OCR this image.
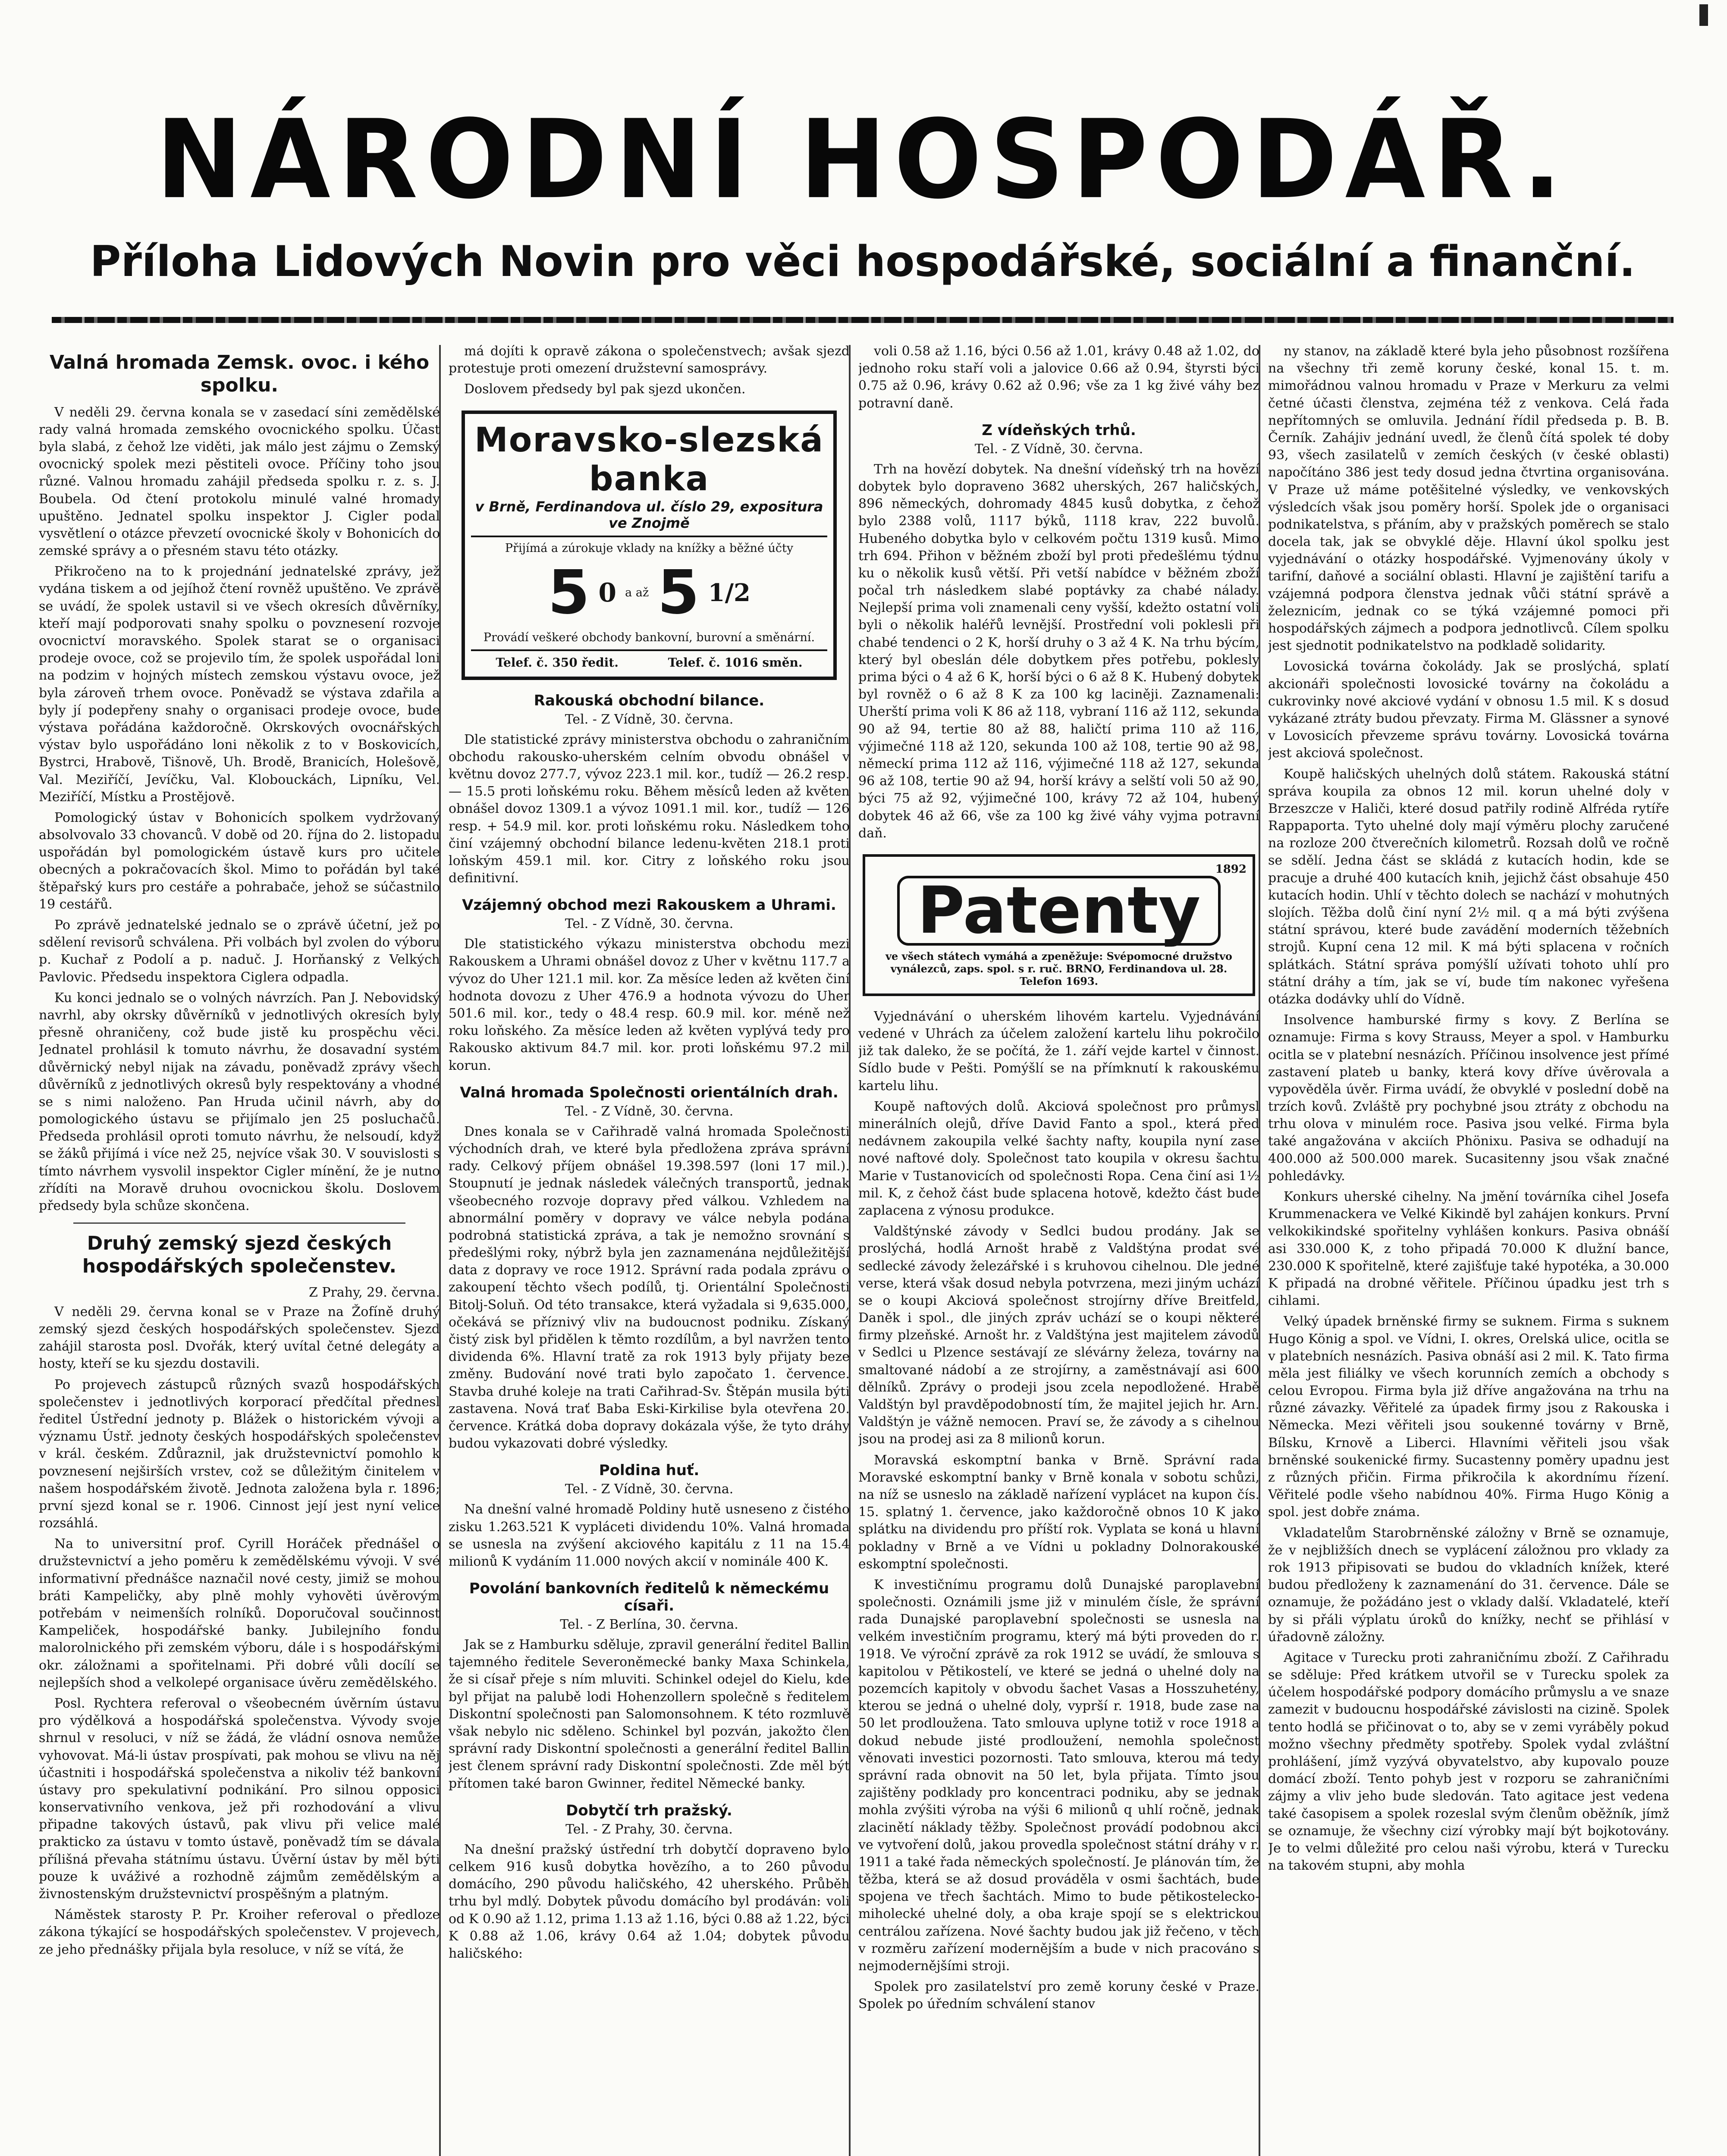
NÁRODNÍ HOSPODÁŘ.
Příloha Lidových Novin pro věci hospodářské, sociální a finanční.
Valná hromada Zemsk. ovoc. i kého spolku.

V neděli 29. června konala se v zasedací síni zemědělské rady valná hromada zemského ovocnického spolku. Účast byla slabá, z čehož lze viděti, jak málo jest zájmu o Zemský ovocnický spolek mezi pěstiteli ovoce. Příčiny toho jsou různé. Valnou hromadu zahájil předseda spolku r. z. s. J. Boubela. Od čtení protokolu minulé valné hromady upuštěno. Jednatel spolku inspektor J. Cigler podal vysvětlení o otázce převzetí ovocnické školy v Bohonicích do zemské správy a o přesném stavu této otázky.

Přikročeno na to k projednání jednatelské zprávy, jež vydána tiskem a od jejíhož čtení rovněž upuštěno. Ve zprávě se uvádí, že spolek ustavil si ve všech okresích důvěrníky, kteří mají podporovati snahy spolku o povznesení rozvoje ovocnictví moravského. Spolek starat se o organisaci prodeje ovoce, což se projevilo tím, že spolek uspořádal loni na podzim v hojných místech zemskou výstavu ovoce, jež byla zároveň trhem ovoce. Poněvadž se výstava zdařila a byly jí podepřeny snahy o organisaci prodeje ovoce, bude výstava pořádána každoročně. Okrskových ovocnářských výstav bylo uspořádáno loni několik z to v Boskovicích, Bystrci, Hrabově, Tišnově, Uh. Brodě, Branicích, Holešově, Val. Meziříčí, Jevíčku, Val. Klobouckách, Lipníku, Vel. Meziříčí, Místku a Prostějově.

Pomologický ústav v Bohonicích spolkem vydržovaný absolvovalo 33 chovanců. V době od 20. října do 2. listopadu uspořádán byl pomologickém ústavě kurs pro učitele obecných a pokračovacích škol. Mimo to pořádán byl také štěpařský kurs pro cestáře a pohrabače, jehož se súčastnilo 19 cestářů.

Po zprávě jednatelské jednalo se o zprávě účetní, jež po sdělení revisorů schválena. Při volbách byl zvolen do výboru p. Kuchař z Podolí a p. naduč. J. Horňanský z Velkých Pavlovic. Předsedu inspektora Ciglera odpadla.

Ku konci jednalo se o volných návrzích. Pan J. Nebovidský navrhl, aby okrsky důvěrníků v jednotlivých okresích byly přesně ohraničeny, což bude jistě ku prospěchu věci. Jednatel prohlásil k tomuto návrhu, že dosavadní systém důvěrnický nebyl nijak na závadu, poněvadž zprávy všech důvěrníků z jednotlivých okresů byly respektovány a vhodné se s nimi naloženo. Pan Hruda učinil návrh, aby do pomologického ústavu se přijímalo jen 25 posluchačů. Předseda prohlásil oproti tomuto návrhu, že nelsoudí, když se žáků přijímá i více než 25, nejvíce však 30. V souvislosti s tímto návrhem vysvolil inspektor Cigler mínění, že je nutno zřídíti na Moravě druhou ovocnickou školu. Doslovem předsedy byla schůze skončena.

Druhý zemský sjezd českých hospodářských společenstev.
Z Prahy, 29. června.

V neděli 29. června konal se v Praze na Žofíně druhý zemský sjezd českých hospodářských společenstev. Sjezd zahájil starosta posl. Dvořák, který uvítal četné delegáty a hosty, kteří se ku sjezdu dostavili.

Po projevech zástupců různých svazů hospodářských společenstev i jednotlivých korporací předčítal přednesl ředitel Ústřední jednoty p. Blážek o historickém vývoji a významu Ústř. jednoty českých hospodářských společenstev v král. českém. Zdůraznil, jak družstevnictví pomohlo k povznesení nejširších vrstev, což se důležitým činitelem v našem hospodářském životě. Jednota založena byla r. 1896; první sjezd konal se r. 1906. Cinnost její jest nyní velice rozsáhlá.

Na to universitní prof. Cyrill Horáček přednášel o družstevnictví a jeho poměru k zemědělskému vývoji. V své informativní přednášce naznačil nové cesty, jimiž se mohou bráti Kampeličky, aby plně mohly vyhověti úvěrovým potřebám v neimenších rolníků. Doporučoval součinnost Kampeliček, hospodářské banky. Jubilejního fondu malorolnického při zemském výboru, dále i s hospodářskými okr. záložnami a spořitelnami. Při dobré vůli docílí se nejlepších shod a velkolepé organisace úvěru zemědělského.

Posl. Rychtera referoval o všeobecném úvěrním ústavu pro výdělková a hospodářská společenstva. Vývody svoje shrnul v resoluci, v níž se žádá, že vládní osnova nemůže vyhovovat. Má-li ústav prospívati, pak mohou se vlivu na něj účastniti i hospodářská společenstva a nikoliv též bankovní ústavy pro spekulativní podnikání. Pro silnou opposici konservativního venkova, jež při rozhodování a vlivu připadne takových ústavů, pak vlivu při velice malé prakticko za ústavu v tomto ústavě, poněvadž tím se dávala přílišná převaha státnímu ústavu. Úvěrní ústav by měl býti pouze k uváživé a rozhodně zájmům zemědělským a živnostenským družstevnictví prospěšným a platným.

Náměstek starosty P. Pr. Kroiher referoval o předloze zákona týkající se hospodářských společenstev. V projevech, ze jeho přednášky přijala byla resoluce, v níž se vítá, že

má dojíti k opravě zákona o společenstvech; avšak sjezd protestuje proti omezení družstevní samosprávy.

Doslovem předsedy byl pak sjezd ukončen.

Moravsko-slezská banka
v Brně, Ferdinandova ul. číslo 29, expositura ve Znojmě
Přijímá a zúrokuje vklady na knížky a běžné účty
5 0 a až 5 1/2
Provádí veškeré obchody bankovní, burovní a směnární.
Telef. č. 350 ředit.	Telef. č. 1016 směn.
Rakouská obchodní bilance.
Tel. - Z Vídně, 30. června.

Dle statistické zprávy ministerstva obchodu o zahraničním obchodu rakousko-uherském celním obvodu obnášel v květnu dovoz 277.7, vývoz 223.1 mil. kor., tudíž — 26.2 resp. — 15.5 proti loňskému roku. Během měsíců leden až květen obnášel dovoz 1309.1 a vývoz 1091.1 mil. kor., tudíž — 126 resp. + 54.9 mil. kor. proti loňskému roku. Následkem toho činí vzájemný obchodní bilance ledenu-květen 218.1 proti loňským 459.1 mil. kor. Citry z loňského roku jsou definitivní.

Vzájemný obchod mezi Rakouskem a Uhrami.
Tel. - Z Vídně, 30. června.

Dle statistického výkazu ministerstva obchodu mezi Rakouskem a Uhrami obnášel dovoz z Uher v květnu 117.7 a vývoz do Uher 121.1 mil. kor. Za měsíce leden až květen činí hodnota dovozu z Uher 476.9 a hodnota vývozu do Uher 501.6 mil. kor., tedy o 48.4 resp. 60.9 mil. kor. méně než roku loňského. Za měsíce leden až květen vyplývá tedy pro Rakousko aktivum 84.7 mil. kor. proti loňskému 97.2 mil korun.

Valná hromada Společnosti orientálních drah.
Tel. - Z Vídně, 30. června.

Dnes konala se v Cařihradě valná hromada Společnosti východních drah, ve které byla předložena zpráva správní rady. Celkový příjem obnášel 19.398.597 (loni 17 mil.). Stoupnutí je jednak následek válečných transportů, jednak všeobecného rozvoje dopravy před válkou. Vzhledem na abnormální poměry v dopravy ve válce nebyla podána podrobná statistická zpráva, a tak je nemožno srovnání s předešlými roky, nýbrž byla jen zaznamenána nejdůležitější data z dopravy ve roce 1912. Správní rada podala zprávu o zakoupení těchto všech podílů, tj. Orientální Společnosti Bitolj-Soluň. Od této transakce, která vyžadala si 9,635.000, očekává se příznivý vliv na budoucnost podniku. Získaný čistý zisk byl přidělen k těmto rozdílům, a byl navržen tento dividenda 6%. Hlavní tratě za rok 1913 byly přijaty beze změny. Budování nové trati bylo započato 1. července. Stavba druhé koleje na trati Cařihrad-Sv. Štěpán musila býti zastavena. Nová trať Baba Eski-Kirkilise byla otevřena 20. července. Krátká doba dopravy dokázala výše, že tyto dráhy budou vykazovati dobré výsledky.

Poldina huť.
Tel. - Z Vídně, 30. června.

Na dnešní valné hromadě Poldiny hutě usneseno z čistého zisku 1.263.521 K vypláceti dividendu 10%. Valná hromada se usnesla na zvýšení akciového kapitálu z 11 na 15.4 milionů K vydáním 11.000 nových akcií v nominále 400 K.

Povolání bankovních ředitelů k německému císaři.
Tel. - Z Berlína, 30. června.

Jak se z Hamburku sděluje, zpravil generální ředitel Ballin tajemného ředitele Severoněmecké banky Maxa Schinkela, že si císař přeje s ním mluviti. Schinkel odejel do Kielu, kde byl přijat na palubě lodi Hohenzollern společně s ředitelem Diskontní společnosti pan Salomonsohnem. K této rozmluvě však nebylo nic sděleno. Schinkel byl pozván, jakožto člen správní rady Diskontní společnosti a generální ředitel Ballin jest členem správní rady Diskontní společnosti. Zde měl být přítomen také baron Gwinner, ředitel Německé banky.

Dobytčí trh pražský.
Tel. - Z Prahy, 30. června.

Na dnešní pražský ústřední trh dobytčí dopraveno bylo celkem 916 kusů dobytka hovězího, a to 260 původu domácího, 290 původu haličského, 42 uherského. Průběh trhu byl mdlý. Dobytek původu domácího byl prodáván: voli od K 0.90 až 1.12, prima 1.13 až 1.16, býci 0.88 až 1.22, býci K 0.88 až 1.06, krávy 0.64 až 1.04; dobytek původu haličského:

voli 0.58 až 1.16, býci 0.56 až 1.01, krávy 0.48 až 1.02, do jednoho roku staří voli a jalovice 0.66 až 0.94, štyrsti býci 0.75 až 0.96, krávy 0.62 až 0.96; vše za 1 kg živé váhy bez potravní daně.

Z vídeňských trhů.
Tel. - Z Vídně, 30. června.

Trh na hovězí dobytek. Na dnešní vídeňský trh na hovězí dobytek bylo dopraveno 3682 uherských, 267 haličských, 896 německých, dohromady 4845 kusů dobytka, z čehož bylo 2388 volů, 1117 býků, 1118 krav, 222 buvolů. Hubeného dobytka bylo v celkovém počtu 1319 kusů. Mimo trh 694. Přihon v běžném zboží byl proti předešlému týdnu ku o několik kusů větší. Při vetší nabídce v běžném zboží počal trh následkem slabé poptávky za chabé nálady. Nejlepší prima voli znamenali ceny vyšší, kdežto ostatní voli byli o několik haléřů levnější. Prostřední voli poklesli při chabé tendenci o 2 K, horší druhy o 3 až 4 K. Na trhu býcím, který byl obeslán déle dobytkem přes potřebu, poklesly prima býci o 4 až 6 K, horší býci o 6 až 8 K. Hubený dobytek byl rovněž o 6 až 8 K za 100 kg laciněji. Zaznamenali: Uherští prima voli K 86 až 118, vybraní 116 až 112, sekunda 90 až 94, tertie 80 až 88, haličtí prima 110 až 116, výjimečné 118 až 120, sekunda 100 až 108, tertie 90 až 98, německí prima 112 až 116, výjimečné 118 až 127, sekunda 96 až 108, tertie 90 až 94, horší krávy a selští voli 50 až 90, býci 75 až 92, výjimečné 100, krávy 72 až 104, hubený dobytek 46 až 66, vše za 100 kg živé váhy vyjma potravní daň.

1892
Patenty
ve všech státech vymáhá a zpeněžuje: Svépomocné družstvo vynálezců, zaps. spol. s r. ruč. BRNO, Ferdinandova ul. 28. Telefon 1693.

Vyjednávání o uherském lihovém kartelu. Vyjednávání vedené v Uhrách za účelem založení kartelu lihu pokročilo již tak daleko, že se počítá, že 1. září vejde kartel v činnost. Sídlo bude v Pešti. Pomýšlí se na přímknutí k rakouskému kartelu lihu.

Koupě naftových dolů. Akciová společnost pro průmysl minerálních olejů, dříve David Fanto a spol., která před nedávnem zakoupila velké šachty nafty, koupila nyní zase nové naftové doly. Společnost tato koupila v okresu šachtu Marie v Tustanovicích od společnosti Ropa. Cena činí asi 1½ mil. K, z čehož část bude splacena hotově, kdežto část bude zaplacena z výnosu produkce.

Valdštýnské závody v Sedlci budou prodány. Jak se proslýchá, hodlá Arnošt hrabě z Valdštýna prodat své sedlecké závody železářské i s kruhovou cihelnou. Dle jedné verse, která však dosud nebyla potvrzena, mezi jiným uchází se o koupi Akciová společnost strojírny dříve Breitfeld, Daněk i spol., dle jiných zpráv uchází se o koupi některé firmy plzeňské. Arnošt hr. z Valdštýna jest majitelem závodů v Sedlci u Plzence sestávají ze slévárny železa, továrny na smaltované nádobí a ze strojírny, a zaměstnávají asi 600 dělníků. Zprávy o prodeji jsou zcela nepodložené. Hrabě Valdštýn byl pravděpodobností tím, že majitel jejich hr. Arn. Valdštýn je vážně nemocen. Praví se, že závody a s cihelnou jsou na prodej asi za 8 milionů korun.

Moravská eskomptní banka v Brně. Správní rada Moravské eskomptní banky v Brně konala v sobotu schůzi, na níž se usneslo na základě nařízení vyplácet na kupon čís. 15. splatný 1. července, jako každoročně obnos 10 K jako splátku na dividendu pro příští rok. Vyplata se koná u hlavní pokladny v Brně a ve Vídni u pokladny Dolnorakouské eskomptní společnosti.

K investičnímu programu dolů Dunajské paroplavební společnosti. Oznámili jsme již v minulém čísle, že správní rada Dunajské paroplavební společnosti se usnesla na velkém investičním programu, který má býti proveden do r. 1918. Ve výroční zprávě za rok 1912 se uvádí, že smlouva s kapitolou v Pětikostelí, ve které se jedná o uhelné doly na pozemcích kapitoly v obvodu šachet Vasas a Hosszuhetény, kterou se jedná o uhelné doly, vyprší r. 1918, bude zase na 50 let prodloužena. Tato smlouva uplyne totiž v roce 1918 a dokud nebude jisté prodloužení, nemohla společnost věnovati investici pozornosti. Tato smlouva, kterou má tedy správní rada obnovit na 50 let, byla přijata. Tímto jsou zajištěny podklady pro koncentraci podniku, aby se jednak mohla zvýšiti výroba na výši 6 milionů q uhlí ročně, jednak zlacinětí náklady těžby. Společnost provádí podobnou akci ve vytvoření dolů, jakou provedla společnost státní dráhy v r. 1911 a také řada německých společností. Je plánován tím, že těžba, která se až dosud prováděla v osmi šachtách, bude spojena ve třech šachtách. Mimo to bude pětikostelecko-miholecké uhelné doly, a oba kraje spojí se s elektrickou centrálou zařízena. Nové šachty budou jak již řečeno, v těch v rozměru zařízení modernějším a bude v nich pracováno s nejmodernějšími stroji.

Spolek pro zasilatelství pro země koruny české v Praze. Spolek po úředním schválení stanov

ny stanov, na základě které byla jeho působnost rozšířena na všechny tři země koruny české, konal 15. t. m. mimořádnou valnou hromadu v Praze v Merkuru za velmi četné účasti členstva, zejména též z venkova. Celá řada nepřítomných se omluvila. Jednání řídil předseda p. B. B. Černík. Zahájiv jednání uvedl, že členů čítá spolek té doby 93, všech zasilatelů v zemích českých (v české oblasti) napočítáno 386 jest tedy dosud jedna čtvrtina organisována. V Praze už máme potěšitelné výsledky, ve venkovských výsledcích však jsou poměry horší. Spolek jde o organisaci podnikatelstva, s přáním, aby v pražských poměrech se stalo docela tak, jak se obvyklé děje. Hlavní úkol spolku jest vyjednávání o otázky hospodářské. Vyjmenovány úkoly v tarifní, daňové a sociální oblasti. Hlavní je zajištění tarifu a vzájemná podpora členstva jednak vůči státní správě a železnicím, jednak co se týká vzájemné pomoci při hospodářských zájmech a podpora jednotlivců. Cílem spolku jest sjednotit podnikatelstvo na podkladě solidarity.

Lovosická továrna čokolády. Jak se proslýchá, splatí akcionáři společnosti lovosické továrny na čokoládu a cukrovinky nové akciové vydání v obnosu 1.5 mil. K s dosud vykázané ztráty budou převzaty. Firma M. Glässner a synové v Lovosicích převzeme správu továrny. Lovosická továrna jest akciová společnost.

Koupě haličských uhelných dolů státem. Rakouská státní správa koupila za obnos 12 mil. korun uhelné doly v Brzeszcze v Haliči, které dosud patřily rodině Alfréda rytíře Rappaporta. Tyto uhelné doly mají výměru plochy zaručené na rozloze 200 čtverečních kilometrů. Rozsah dolů ve ročně se sdělí. Jedna část se skládá z kutacích hodin, kde se pracuje a druhé 400 kutacích knih, jejichž část obsahuje 450 kutacích hodin. Uhlí v těchto dolech se nachází v mohutných slojích. Těžba dolů činí nyní 2½ mil. q a má býti zvýšena státní správou, které bude zavádění moderních těžebních strojů. Kupní cena 12 mil. K má býti splacena v ročních splátkách. Státní správa pomýšlí užívati tohoto uhlí pro státní dráhy a tím, jak se ví, bude tím nakonec vyřešena otázka dodávky uhlí do Vídně.

Insolvence hamburské firmy s kovy. Z Berlína se oznamuje: Firma s kovy Strauss, Meyer a spol. v Hamburku ocitla se v platební nesnázích. Příčinou insolvence jest přímé zastavení plateb u banky, která kovy dříve úvěrovala a vypověděla úvěr. Firma uvádí, že obvyklé v poslední době na trzích kovů. Zvláště pry pochybné jsou ztráty z obchodu na trhu olova v minulém roce. Pasiva jsou velké. Firma byla také angažována v akciích Phönixu. Pasiva se odhadují na 400.000 až 500.000 marek. Sucasitenny jsou však značné pohledávky.

Konkurs uherské cihelny. Na jmění továrníka cihel Josefa Krummenackera ve Velké Kikindě byl zahájen konkurs. První velkokikindské spořitelny vyhlášen konkurs. Pasiva obnáší asi 330.000 K, z toho připadá 70.000 K dlužní bance, 230.000 K spořitelně, které zajišťuje také hypotéka, a 30.000 K připadá na drobné věřitele. Příčinou úpadku jest trh s cihlami.

Velký úpadek brněnské firmy se suknem. Firma s suknem Hugo König a spol. ve Vídni, I. okres, Orelská ulice, ocitla se v platebních nesnázích. Pasiva obnáší asi 2 mil. K. Tato firma měla jest filiálky ve všech korunních zemích a obchody s celou Evropou. Firma byla již dříve angažována na trhu na různé závazky. Věřitelé za úpadek firmy jsou z Rakouska i Německa. Mezi věřiteli jsou soukenné továrny v Brně, Bílsku, Krnově a Liberci. Hlavními věřiteli jsou však brněnské soukenické firmy. Sucastenny poměry upadnu jest z různých přičin. Firma přikročila k akordnímu řízení. Věřitelé podle všeho nabídnou 40%. Firma Hugo König a spol. jest dobře známa.

Vkladatelům Starobrněnské záložny v Brně se oznamuje, že v nejbližších dnech se vyplácení záložnou pro vklady za rok 1913 připisovati se budou do vkladních knížek, které budou předloženy k zaznamenání do 31. července. Dále se oznamuje, že požádáno jest o vklady další. Vkladatelé, kteří by si přáli výplatu úroků do knížky, nechť se přihlásí v úřadovně záložny.

Agitace v Turecku proti zahraničnímu zboží. Z Cařihradu se sděluje: Před krátkem utvořil se v Turecku spolek za účelem hospodářské podpory domácího průmyslu a ve snaze zamezit v budoucnu hospodářské závislosti na cizině. Spolek tento hodlá se přičinovat o to, aby se v zemi vyráběly pokud možno všechny předměty spotřeby. Spolek vydal zvláštní prohlášení, jímž vyzývá obyvatelstvo, aby kupovalo pouze domácí zboží. Tento pohyb jest v rozporu se zahraničními zájmy a vliv jeho bude sledován. Tato agitace jest vedena také časopisem a spolek rozeslal svým členům oběžník, jímž se oznamuje, že všechny cizí výrobky mají být bojkotovány. Je to velmi důležité pro celou naši výrobu, která v Turecku na takovém stupni, aby mohla
